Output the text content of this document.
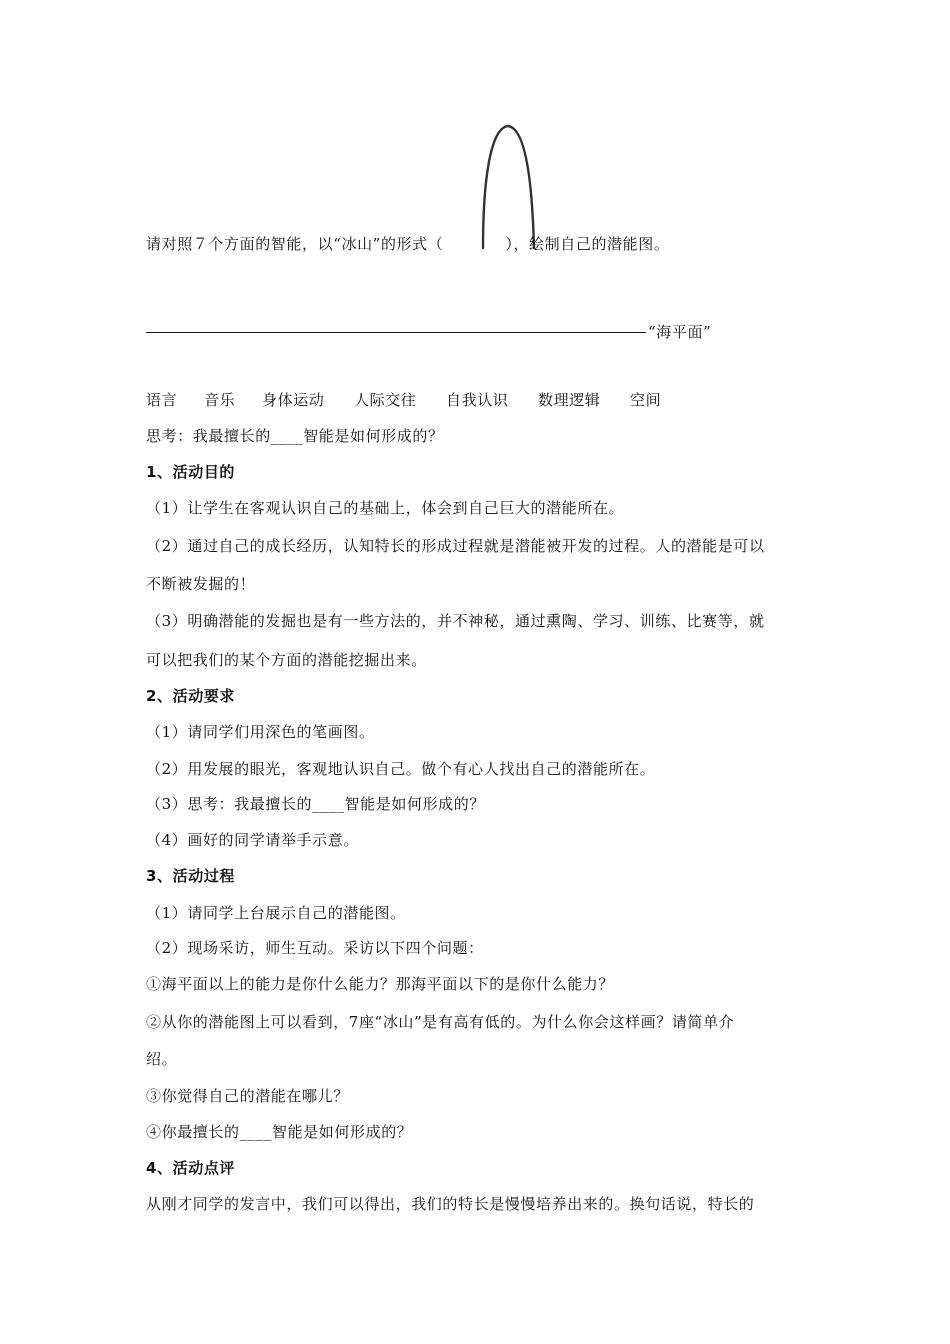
请对照７个方面的智能，以“冰山”的形式（	），绘制自己的潜能图。
“海平面”
语言 音乐 身体运动 人际交往 自我认识 数理逻辑 空间
思考：我最擅长的____智能是如何形成的？
1、活动目的
（1）让学生在客观认识自己的基础上，体会到自己巨大的潜能所在。
（2）通过自己的成长经历，认知特长的形成过程就是潜能被开发的过程。人的潜能是可以
不断被发掘的！
（3）明确潜能的发掘也是有一些方法的，并不神秘，通过熏陶、学习、训练、比赛等，就
可以把我们的某个方面的潜能挖掘出来。
2、活动要求
（1）请同学们用深色的笔画图。
（2）用发展的眼光，客观地认识自己。做个有心人找出自己的潜能所在。
（3）思考：我最擅长的____智能是如何形成的？
（4）画好的同学请举手示意。
3、活动过程
（1）请同学上台展示自己的潜能图。
（2）现场采访，师生互动。采访以下四个问题：
①海平面以上的能力是你什么能力？那海平面以下的是你什么能力？
②从你的潜能图上可以看到，7座“冰山”是有高有低的。为什么你会这样画？请简单介
绍。
③你觉得自己的潜能在哪儿？
④你最擅长的____智能是如何形成的？
4、活动点评
从刚才同学的发言中，我们可以得出，我们的特长是慢慢培养出来的。换句话说，特长的
